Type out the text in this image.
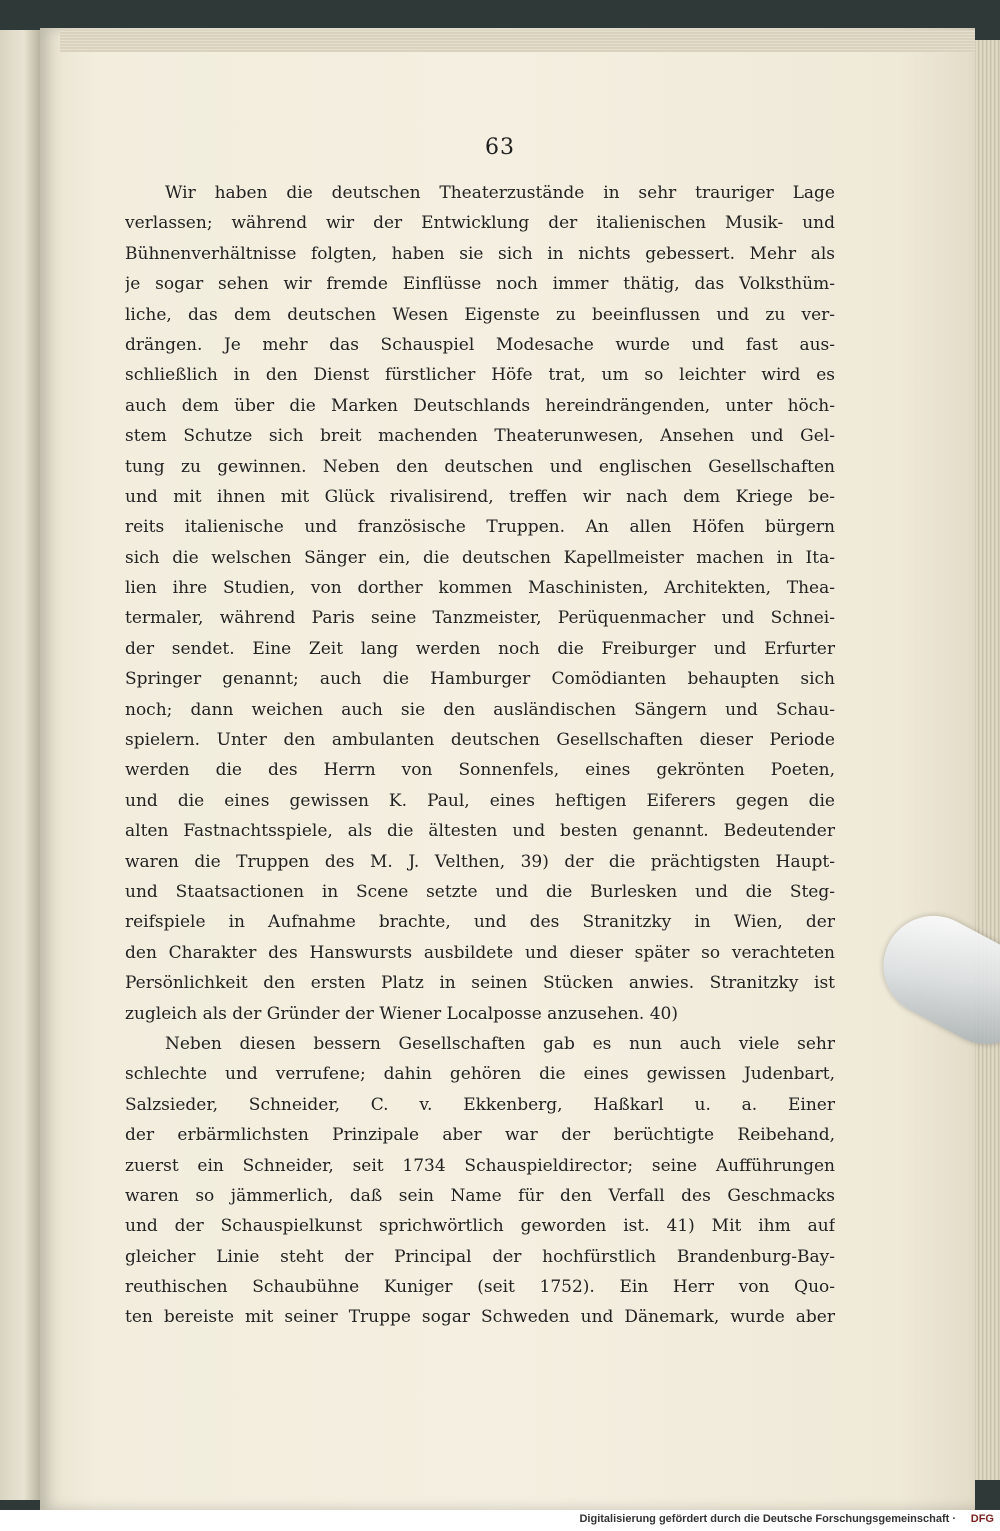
63
Wir haben die deutschen Theaterzustände in sehr trauriger Lage
verlassen; während wir der Entwicklung der italienischen Musik- und
Bühnenverhältnisse folgten, haben sie sich in nichts gebessert. Mehr als
je sogar sehen wir fremde Einflüsse noch immer thätig, das Volksthüm-
liche, das dem deutschen Wesen Eigenste zu beeinflussen und zu ver-
drängen. Je mehr das Schauspiel Modesache wurde und fast aus-
schließlich in den Dienst fürstlicher Höfe trat, um so leichter wird es
auch dem über die Marken Deutschlands hereindrängenden, unter höch-
stem Schutze sich breit machenden Theaterunwesen, Ansehen und Gel-
tung zu gewinnen. Neben den deutschen und englischen Gesellschaften
und mit ihnen mit Glück rivalisirend, treffen wir nach dem Kriege be-
reits italienische und französische Truppen. An allen Höfen bürgern
sich die welschen Sänger ein, die deutschen Kapellmeister machen in Ita-
lien ihre Studien, von dorther kommen Maschinisten, Architekten, Thea-
termaler, während Paris seine Tanzmeister, Perüquenmacher und Schnei-
der sendet. Eine Zeit lang werden noch die Freiburger und Erfurter
Springer genannt; auch die Hamburger Comödianten behaupten sich
noch; dann weichen auch sie den ausländischen Sängern und Schau-
spielern. Unter den ambulanten deutschen Gesellschaften dieser Periode
werden die des Herrn von Sonnenfels, eines gekrönten Poeten,
und die eines gewissen K. Paul, eines heftigen Eiferers gegen die
alten Fastnachtsspiele, als die ältesten und besten genannt. Bedeutender
waren die Truppen des M. J. Velthen, 39) der die prächtigsten Haupt-
und Staatsactionen in Scene setzte und die Burlesken und die Steg-
reifspiele in Aufnahme brachte, und des Stranitzky in Wien, der
den Charakter des Hanswursts ausbildete und dieser später so verachteten
Persönlichkeit den ersten Platz in seinen Stücken anwies. Stranitzky ist
zugleich als der Gründer der Wiener Localposse anzusehen. 40)
Neben diesen bessern Gesellschaften gab es nun auch viele sehr
schlechte und verrufene; dahin gehören die eines gewissen Judenbart,
Salzsieder, Schneider, C. v. Ekkenberg, Haßkarl u. a. Einer
der erbärmlichsten Prinzipale aber war der berüchtigte Reibehand,
zuerst ein Schneider, seit 1734 Schauspieldirector; seine Aufführungen
waren so jämmerlich, daß sein Name für den Verfall des Geschmacks
und der Schauspielkunst sprichwörtlich geworden ist. 41) Mit ihm auf
gleicher Linie steht der Principal der hochfürstlich Brandenburg-Bay-
reuthischen Schaubühne Kuniger (seit 1752). Ein Herr von Quo-
ten bereiste mit seiner Truppe sogar Schweden und Dänemark, wurde aber
Digitalisierung gefördert durch die Deutsche Forschungsgemeinschaft · DFG
